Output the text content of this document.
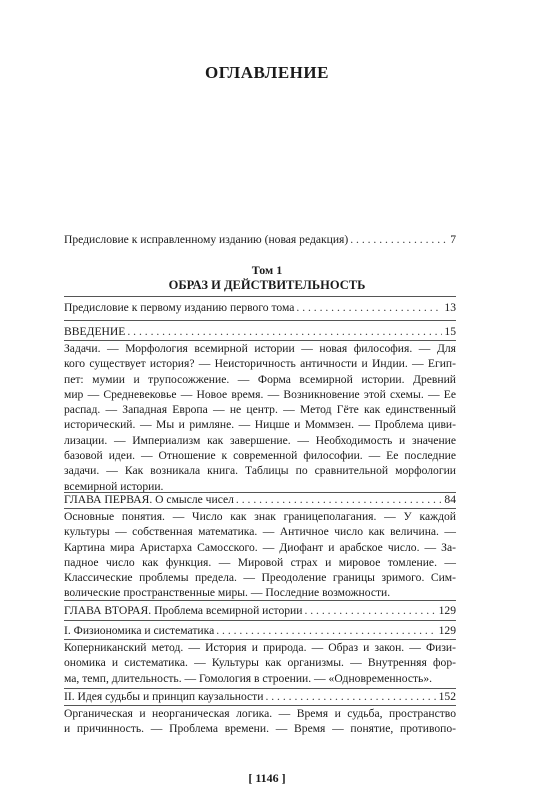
ОГЛАВЛЕНИЕ
Предисловие к исправленному изданию (новая редакция) . . .	7
Том 1
ОБРАЗ И ДЕЙСТВИТЕЛЬНОСТЬ
Предисловие к первому изданию первого тома . . .	13
ВВЕДЕНИЕ . . .	15
Задачи. — Морфология всемирной истории — новая философия. — Для
кого существует история? — Неисторичность античности и Индии. — Егип-
пет: мумии и трупосожжение. — Форма всемирной истории. Древний
мир — Средневековье — Новое время. — Возникновение этой схемы. — Ее
распад. — Западная Европа — не центр. — Метод Гёте как единственный
исторический. — Мы и римляне. — Ницше и Моммзен. — Проблема циви-
лизации. — Империализм как завершение. — Необходимость и значение
базовой идеи. — Отношение к современной философии. — Ее последние
задачи. — Как возникала книга. Таблицы по сравнительной морфологии
всемирной истории.
ГЛАВА ПЕРВАЯ. О смысле чисел . . .	84
Основные понятия. — Число как знак границеполагания. — У каждой
культуры — собственная математика. — Античное число как величина. —
Картина мира Аристарха Самосского. — Диофант и арабское число. — За-
падное число как функция. — Мировой страх и мировое томление. —
Классические проблемы предела. — Преодоление границы зримого. Сим-
волические пространственные миры. — Последние возможности.
ГЛАВА ВТОРАЯ. Проблема всемирной истории . . .	129
I. Физиономика и систематика . . .	129
Коперниканский метод. — История и природа. — Образ и закон. — Физи-
ономика и систематика. — Культуры как организмы. — Внутренняя фор-
ма, темп, длительность. — Гомология в строении. — «Одновременность».
II. Идея судьбы и принцип каузальности . . .	152
Органическая и неорганическая логика. — Время и судьба, пространство
и причинность. — Проблема времени. — Время — понятие, противопо-
[ 1146 ]
